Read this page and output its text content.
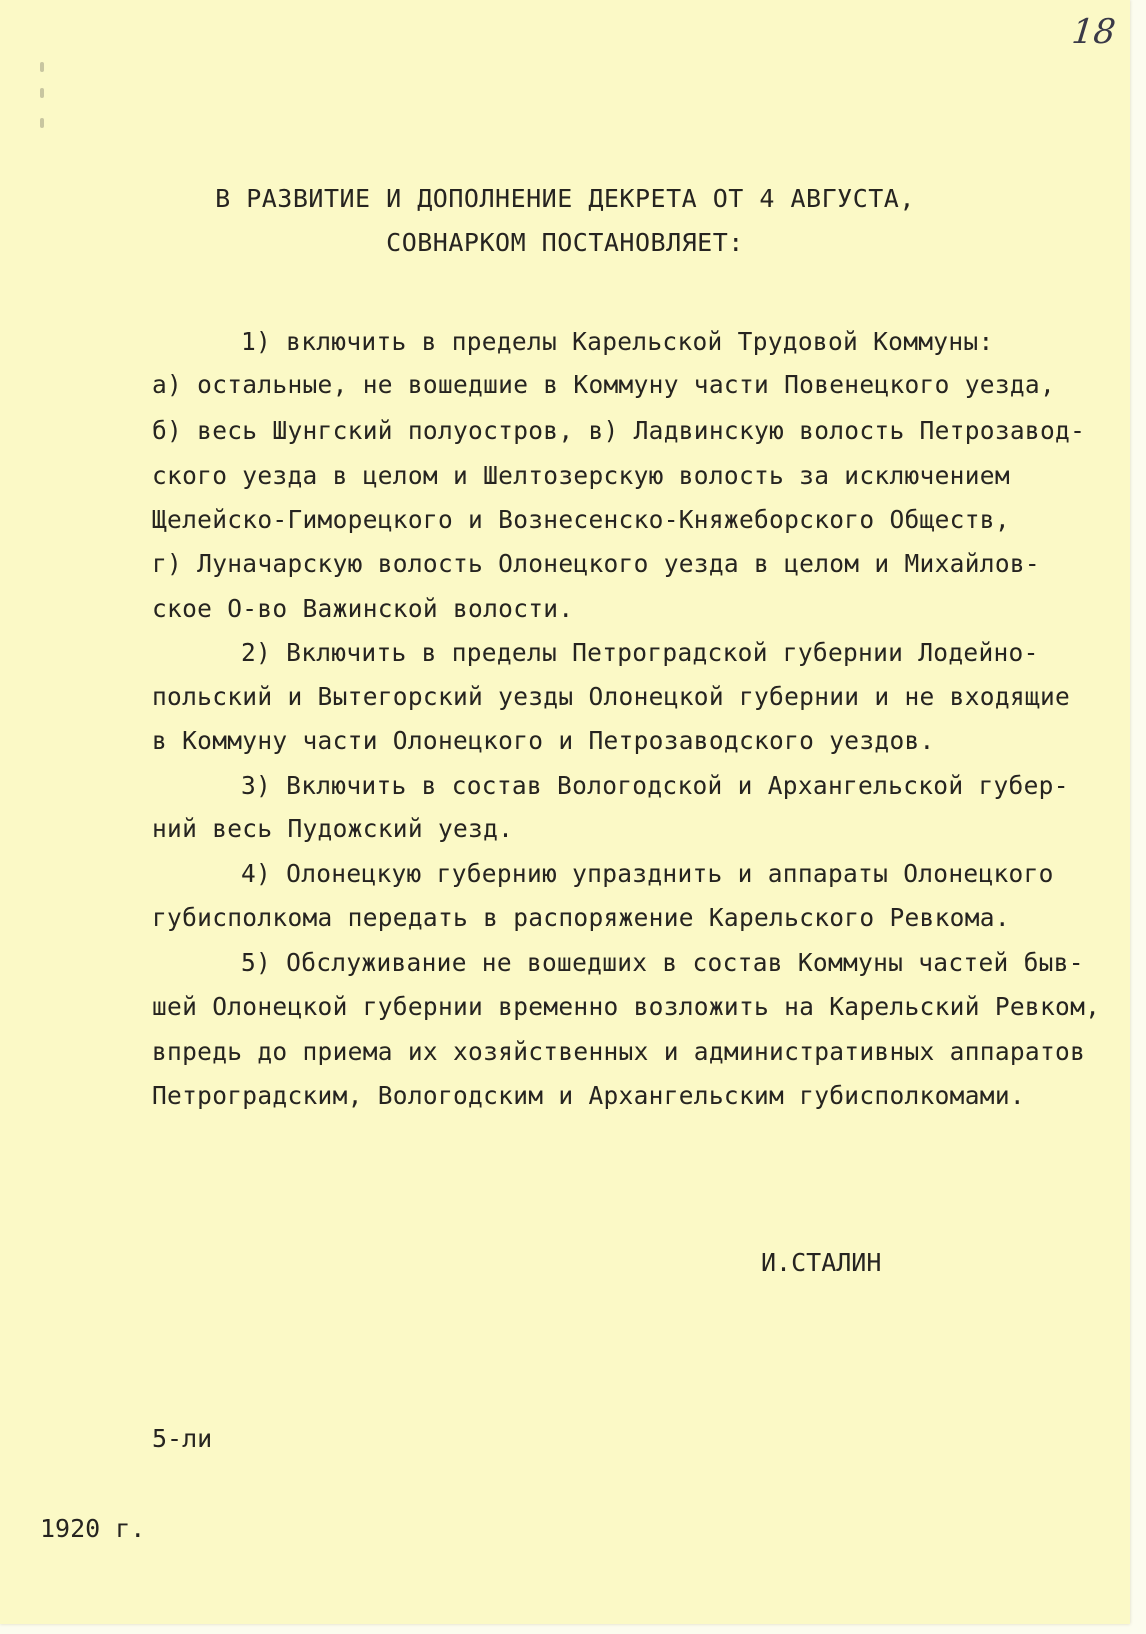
18
В РАЗВИТИЕ И ДОПОЛНЕНИЕ ДЕКРЕТА ОТ 4 АВГУСТА,
СОВНАРКОМ ПОСТАНОВЛЯЕТ:
1) включить в пределы Карельской Трудовой Коммуны:
а) остальные, не вошедшие в Коммуну части Повенецкого уезда,
б) весь Шунгский полуостров, в) Ладвинскую волость Петрозавод-
ского уезда в целом и Шелтозерскую волость за исключением
Щелейско-Гиморецкого и Вознесенско-Княжеборского Обществ,
г) Луначарскую волость Олонецкого уезда в целом и Михайлов-
ское О-во Важинской волости.
2) Включить в пределы Петроградской губернии Лодейно-
польский и Вытегорский уезды Олонецкой губернии и не входящие
в Коммуну части Олонецкого и Петрозаводского уездов.
3) Включить в состав Вологодской и Архангельской губер-
ний весь Пудожский уезд.
4) Олонецкую губернию упразднить и аппараты Олонецкого
губисполкома передать в распоряжение Карельского Ревкома.
5) Обслуживание не вошедших в состав Коммуны частей быв-
шей Олонецкой губернии временно возложить на Карельский Ревком,
впредь до приема их хозяйственных и административных аппаратов
Петроградским, Вологодским и Архангельским губисполкомами.
И.СТАЛИН
5-ли
1920 г.
